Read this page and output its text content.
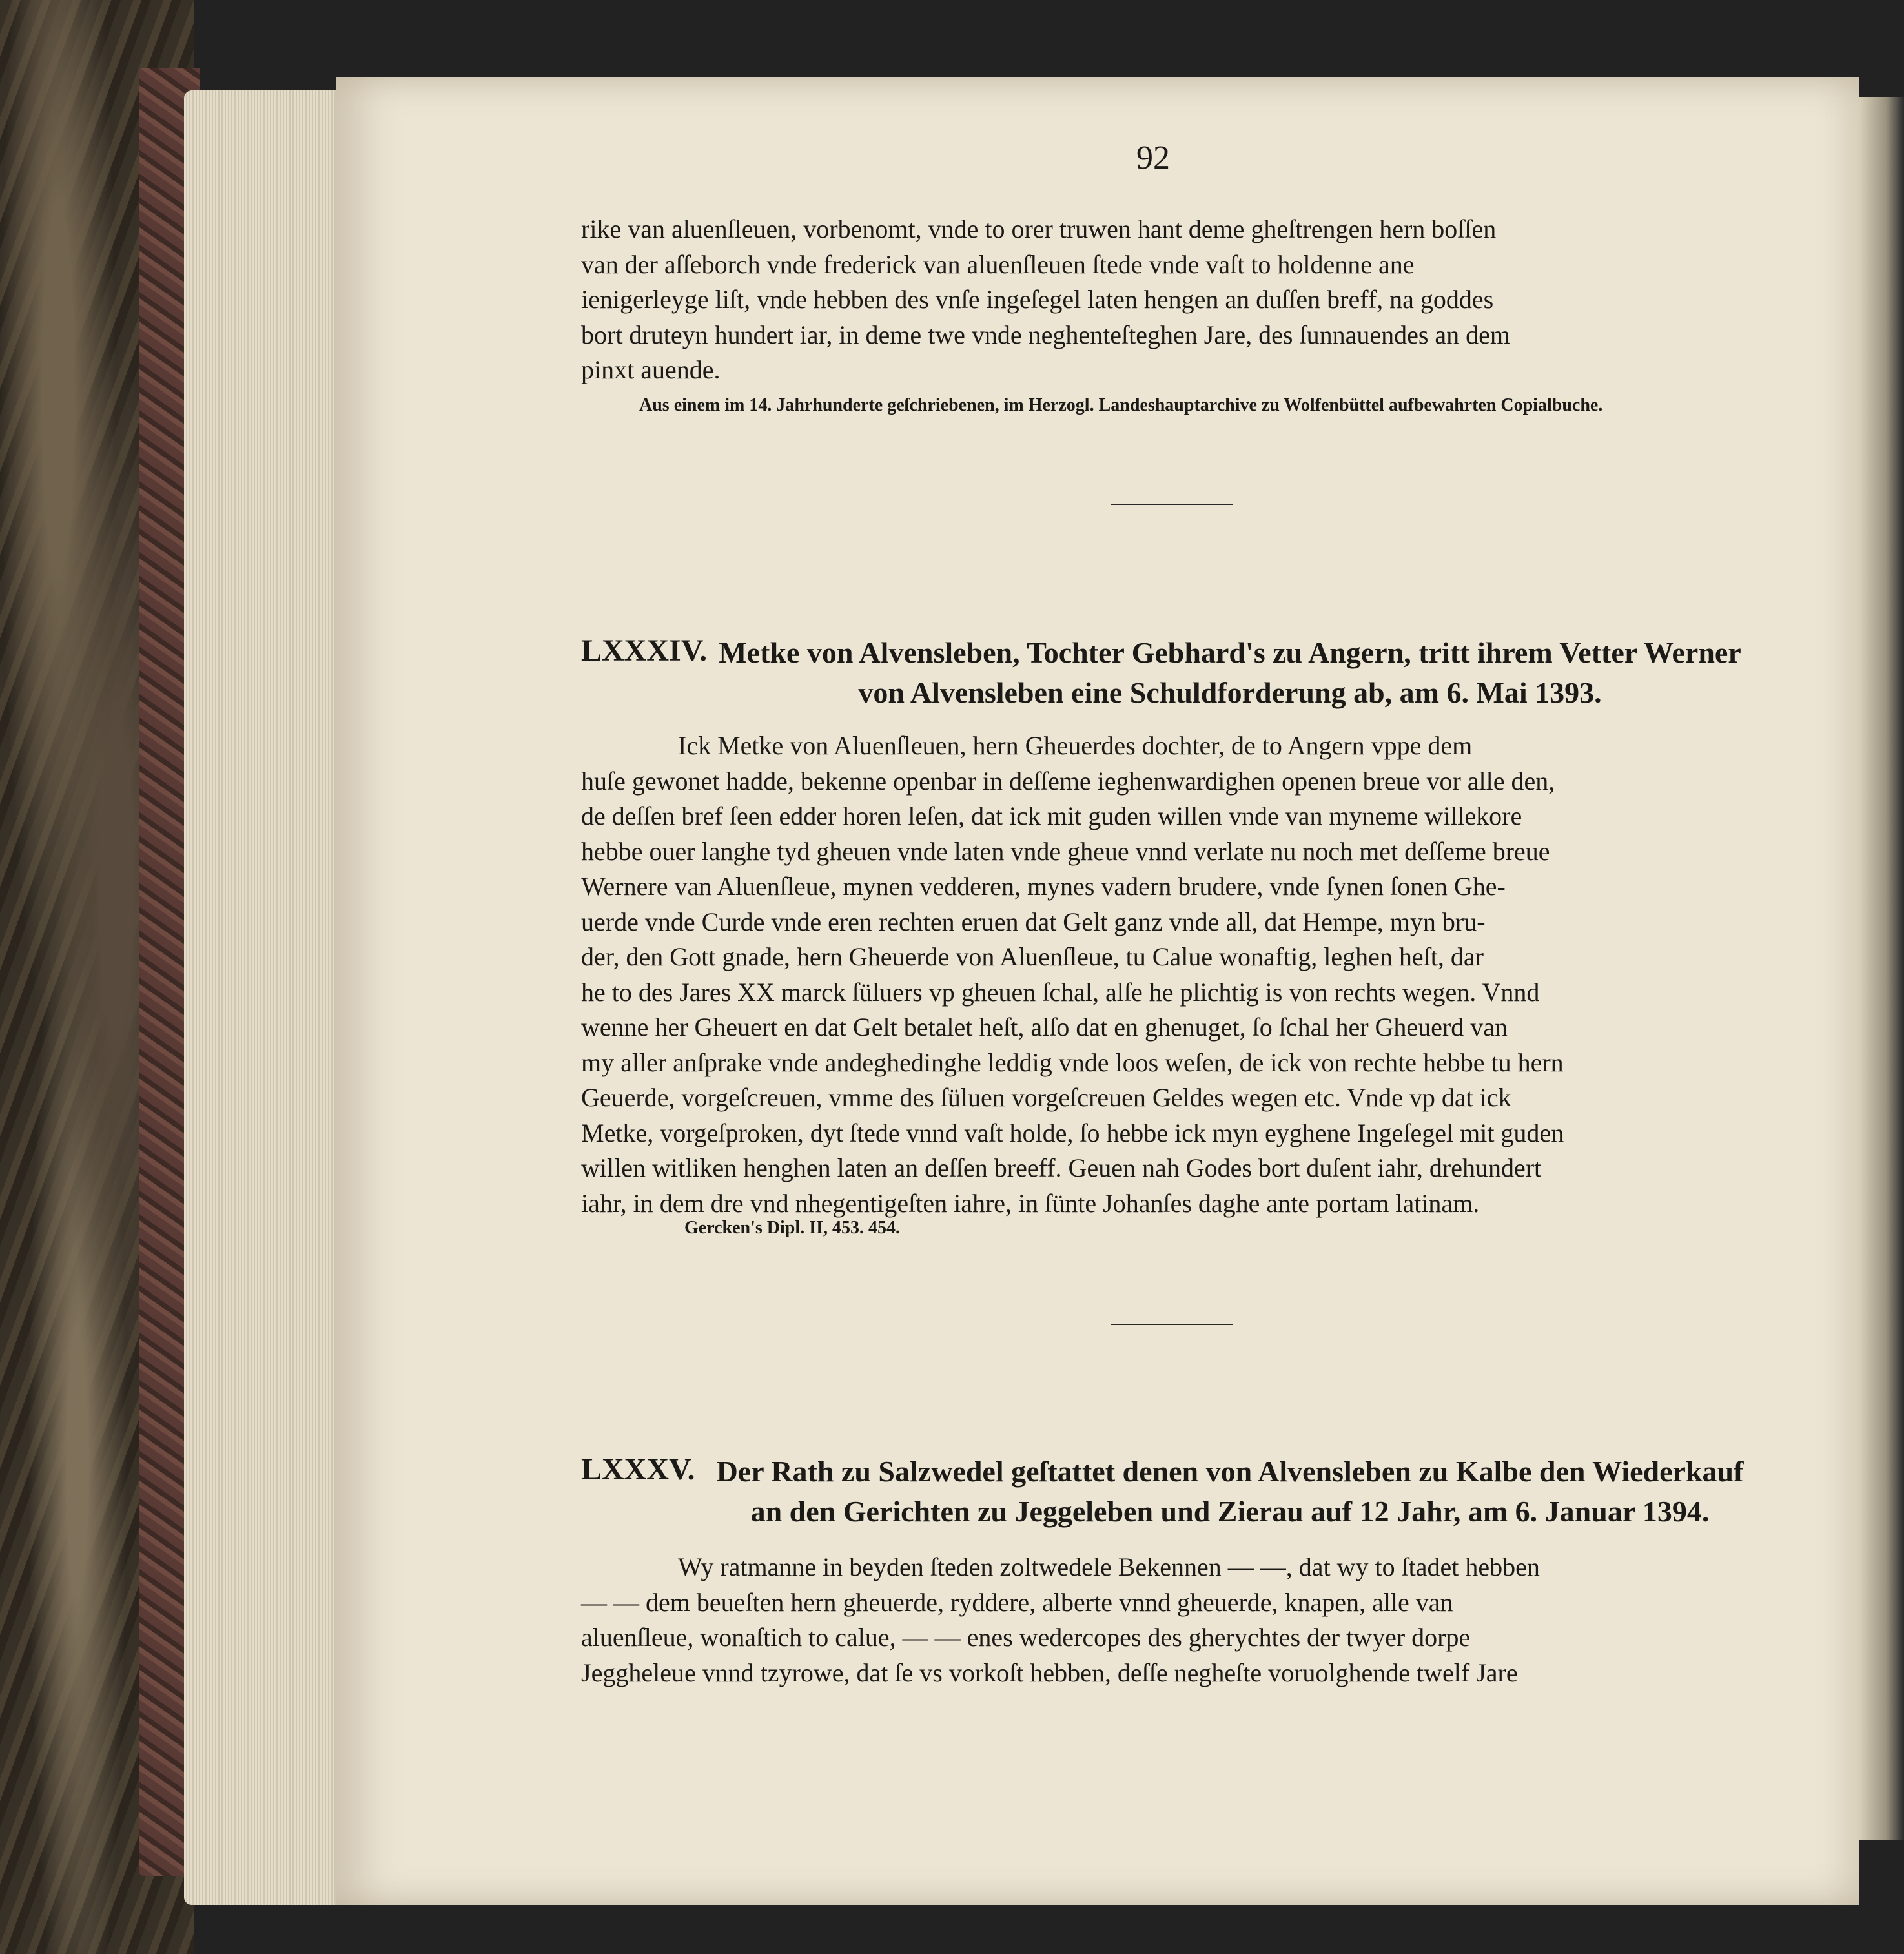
92
rike van aluenſleuen, vorbenomt, vnde to orer truwen hant deme gheſtrengen hern boſſen
van der aſſeborch vnde frederick van aluenſleuen ſtede vnde vaſt to holdenne ane
ienigerleyge liſt, vnde hebben des vnſe ingeſegel laten hengen an duſſen breff, na goddes
bort druteyn hundert iar, in deme twe vnde neghenteſteghen Jare, des ſunnauendes an dem
pinxt auende.
Aus einem im 14. Jahrhunderte geſchriebenen, im Herzogl. Landeshauptarchive zu Wolfenbüttel aufbewahrten Copialbuche.
LXXXIV. Metke von Alvensleben, Tochter Gebhard's zu Angern, tritt ihrem Vetter Werner
von Alvensleben eine Schuldforderung ab, am 6. Mai 1393.
Ick Metke von Aluenſleuen, hern Gheuerdes dochter, de to Angern vppe dem
huſe gewonet hadde, bekenne openbar in deſſeme ieghenwardighen openen breue vor alle den,
de deſſen bref ſeen edder horen leſen, dat ick mit guden willen vnde van myneme willekore
hebbe ouer langhe tyd gheuen vnde laten vnde gheue vnnd verlate nu noch met deſſeme breue
Wernere van Aluenſleue, mynen vedderen, mynes vadern brudere, vnde ſynen ſonen Ghe-
uerde vnde Curde vnde eren rechten eruen dat Gelt ganz vnde all, dat Hempe, myn bru-
der, den Gott gnade, hern Gheuerde von Aluenſleue, tu Calue wonaftig, leghen heſt, dar
he to des Jares XX marck ſüluers vp gheuen ſchal, alſe he plichtig is von rechts wegen. Vnnd
wenne her Gheuert en dat Gelt betalet heſt, alſo dat en ghenuget, ſo ſchal her Gheuerd van
my aller anſprake vnde andeghedinghe leddig vnde loos weſen, de ick von rechte hebbe tu hern
Geuerde, vorgeſcreuen, vmme des ſüluen vorgeſcreuen Geldes wegen etc. Vnde vp dat ick
Metke, vorgeſproken, dyt ſtede vnnd vaſt holde, ſo hebbe ick myn eyghene Ingeſegel mit guden
willen witliken henghen laten an deſſen breeff. Geuen nah Godes bort duſent iahr, drehundert
iahr, in dem dre vnd nhegentigeſten iahre, in ſünte Johanſes daghe ante portam latinam.
Gercken's Dipl. II, 453. 454.
LXXXV. Der Rath zu Salzwedel geſtattet denen von Alvensleben zu Kalbe den Wiederkauf
an den Gerichten zu Jeggeleben und Zierau auf 12 Jahr, am 6. Januar 1394.
Wy ratmanne in beyden ſteden zoltwedele Bekennen — —, dat wy to ſtadet hebben
— — dem beueſten hern gheuerde, ryddere, alberte vnnd gheuerde, knapen, alle van
aluenſleue, wonaſtich to calue, — — enes wedercopes des gherychtes der twyer dorpe
Jeggheleue vnnd tzyrowe, dat ſe vs vorkoſt hebben, deſſe negheſte voruolghende twelf Jare
